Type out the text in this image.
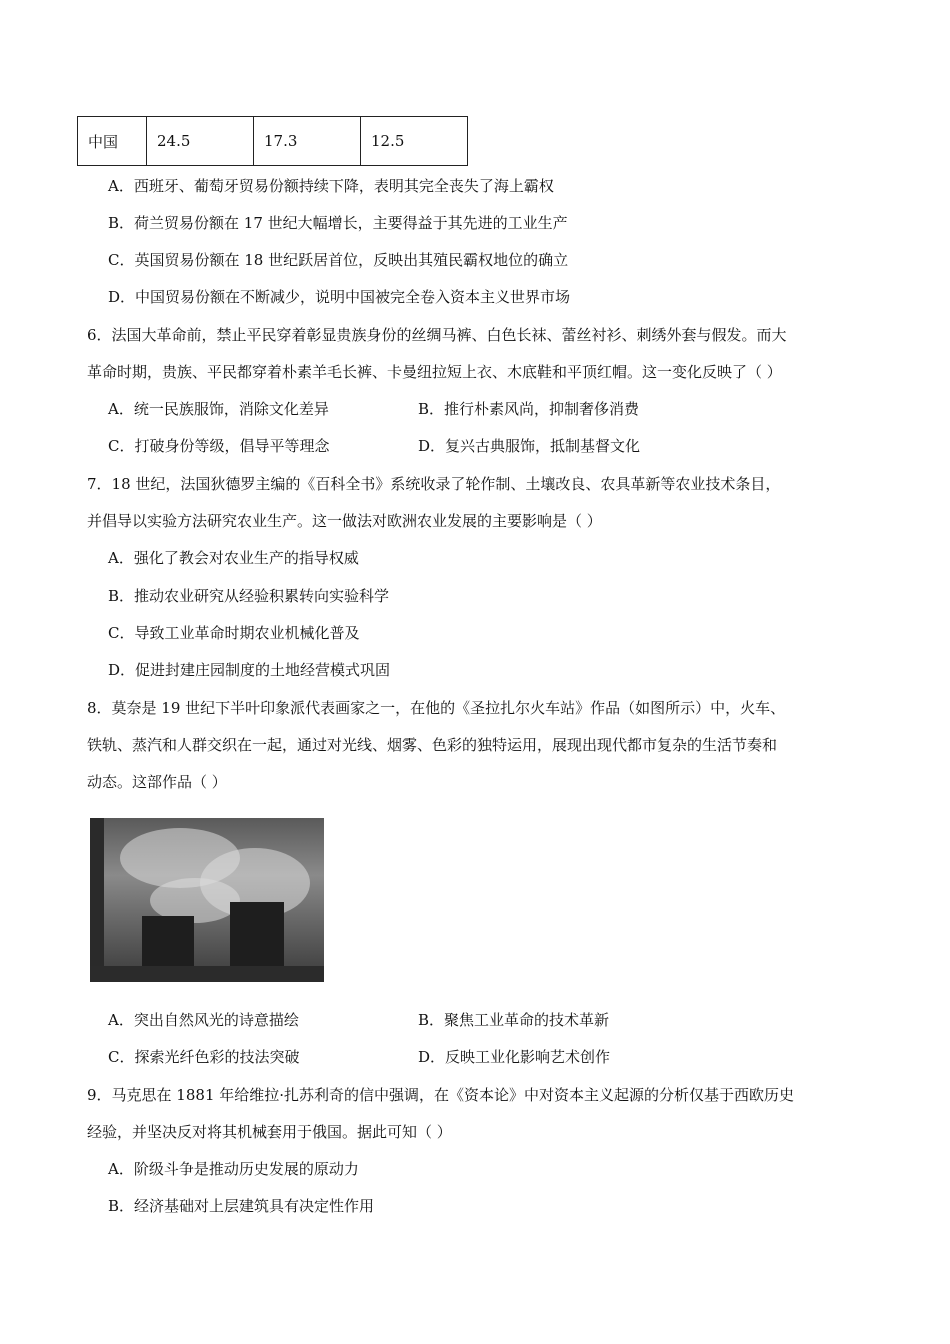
中国	24.5	17.3	12.5
A．西班牙、葡萄牙贸易份额持续下降，表明其完全丧失了海上霸权
B．荷兰贸易份额在 17 世纪大幅增长，主要得益于其先进的工业生产
C．英国贸易份额在 18 世纪跃居首位，反映出其殖民霸权地位的确立
D．中国贸易份额在不断减少，说明中国被完全卷入资本主义世界市场
6．法国大革命前，禁止平民穿着彰显贵族身份的丝绸马裤、白色长袜、蕾丝衬衫、刺绣外套与假发。而大
革命时期，贵族、平民都穿着朴素羊毛长裤、卡曼纽拉短上衣、木底鞋和平顶红帽。这一变化反映了（ ）
A．统一民族服饰，消除文化差异	B．推行朴素风尚，抑制奢侈消费
C．打破身份等级，倡导平等理念	D．复兴古典服饰，抵制基督文化
7．18 世纪，法国狄德罗主编的《百科全书》系统收录了轮作制、土壤改良、农具革新等农业技术条目，
并倡导以实验方法研究农业生产。这一做法对欧洲农业发展的主要影响是（ ）
A．强化了教会对农业生产的指导权威
B．推动农业研究从经验积累转向实验科学
C．导致工业革命时期农业机械化普及
D．促进封建庄园制度的土地经营模式巩固
8．莫奈是 19 世纪下半叶印象派代表画家之一，在他的《圣拉扎尔火车站》作品（如图所示）中，火车、
铁轨、蒸汽和人群交织在一起，通过对光线、烟雾、色彩的独特运用，展现出现代都市复杂的生活节奏和
动态。这部作品（ ）
A．突出自然风光的诗意描绘	B．聚焦工业革命的技术革新
C．探索光纤色彩的技法突破	D．反映工业化影响艺术创作
9．马克思在 1881 年给维拉·扎苏利奇的信中强调，在《资本论》中对资本主义起源的分析仅基于西欧历史
经验，并坚决反对将其机械套用于俄国。据此可知（ ）
A．阶级斗争是推动历史发展的原动力
B．经济基础对上层建筑具有决定性作用
